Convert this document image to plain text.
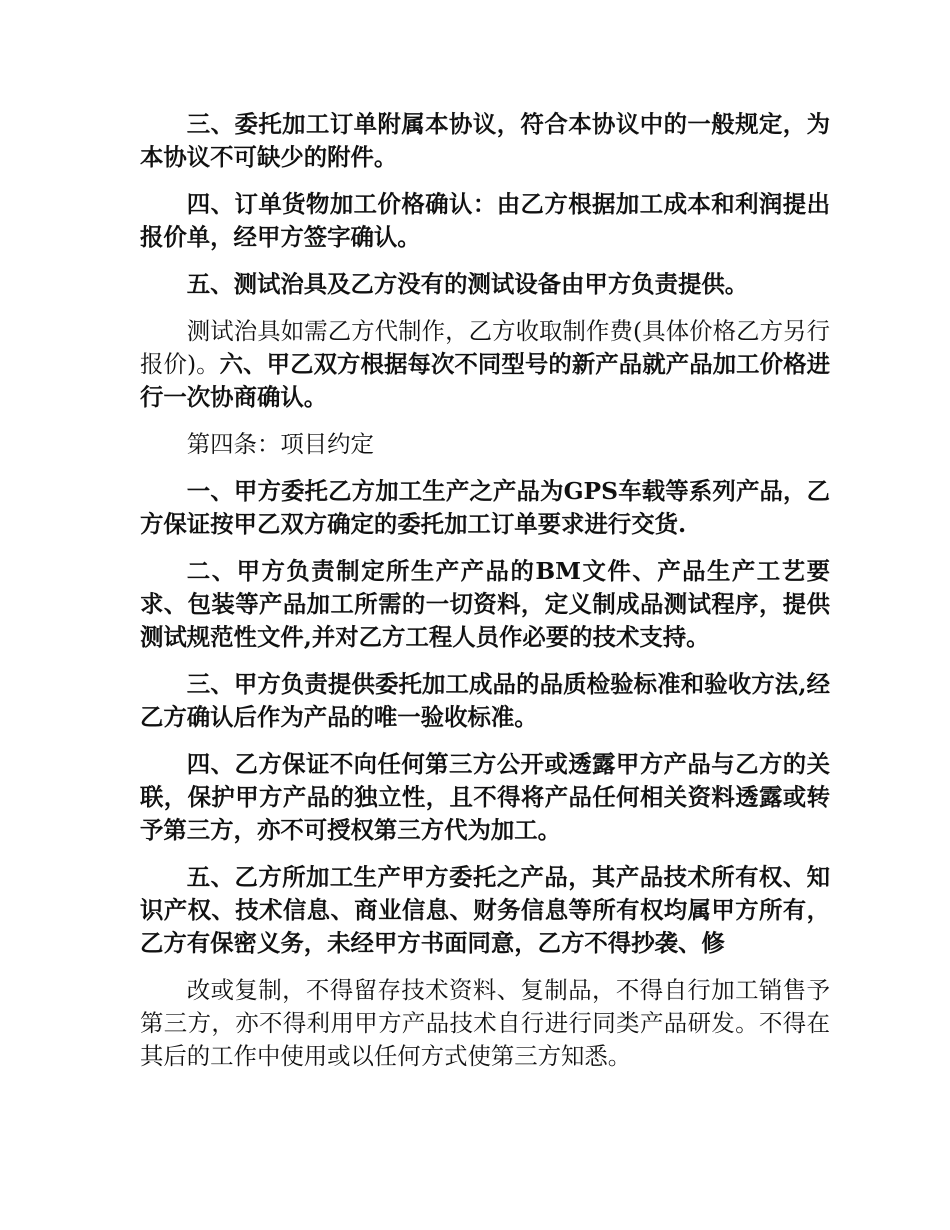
三、委托加工订单附属本协议，符合本协议中的一般规定，为本协议不可缺少的附件。

四、订单货物加工价格确认：由乙方根据加工成本和利润提出报价单，经甲方签字确认。

五、测试治具及乙方没有的测试设备由甲方负责提供。

测试治具如需乙方代制作，乙方收取制作费(具体价格乙方另行报价)。六、甲乙双方根据每次不同型号的新产品就产品加工价格进行一次协商确认。

第四条：项目约定

一、甲方委托乙方加工生产之产品为GPS车载等系列产品，乙方保证按甲乙双方确定的委托加工订单要求进行交货.

二、甲方负责制定所生产产品的BM文件、产品生产工艺要求、包装等产品加工所需的一切资料，定义制成品测试程序，提供测试规范性文件,并对乙方工程人员作必要的技术支持。

三、甲方负责提供委托加工成品的品质检验标准和验收方法,经乙方确认后作为产品的唯一验收标准。

四、乙方保证不向任何第三方公开或透露甲方产品与乙方的关联，保护甲方产品的独立性，且不得将产品任何相关资料透露或转予第三方，亦不可授权第三方代为加工。

五、乙方所加工生产甲方委托之产品，其产品技术所有权、知识产权、技术信息、商业信息、财务信息等所有权均属甲方所有，乙方有保密义务，未经甲方书面同意，乙方不得抄袭、修

改或复制，不得留存技术资料、复制品，不得自行加工销售予第三方，亦不得利用甲方产品技术自行进行同类产品研发。不得在其后的工作中使用或以任何方式使第三方知悉。
